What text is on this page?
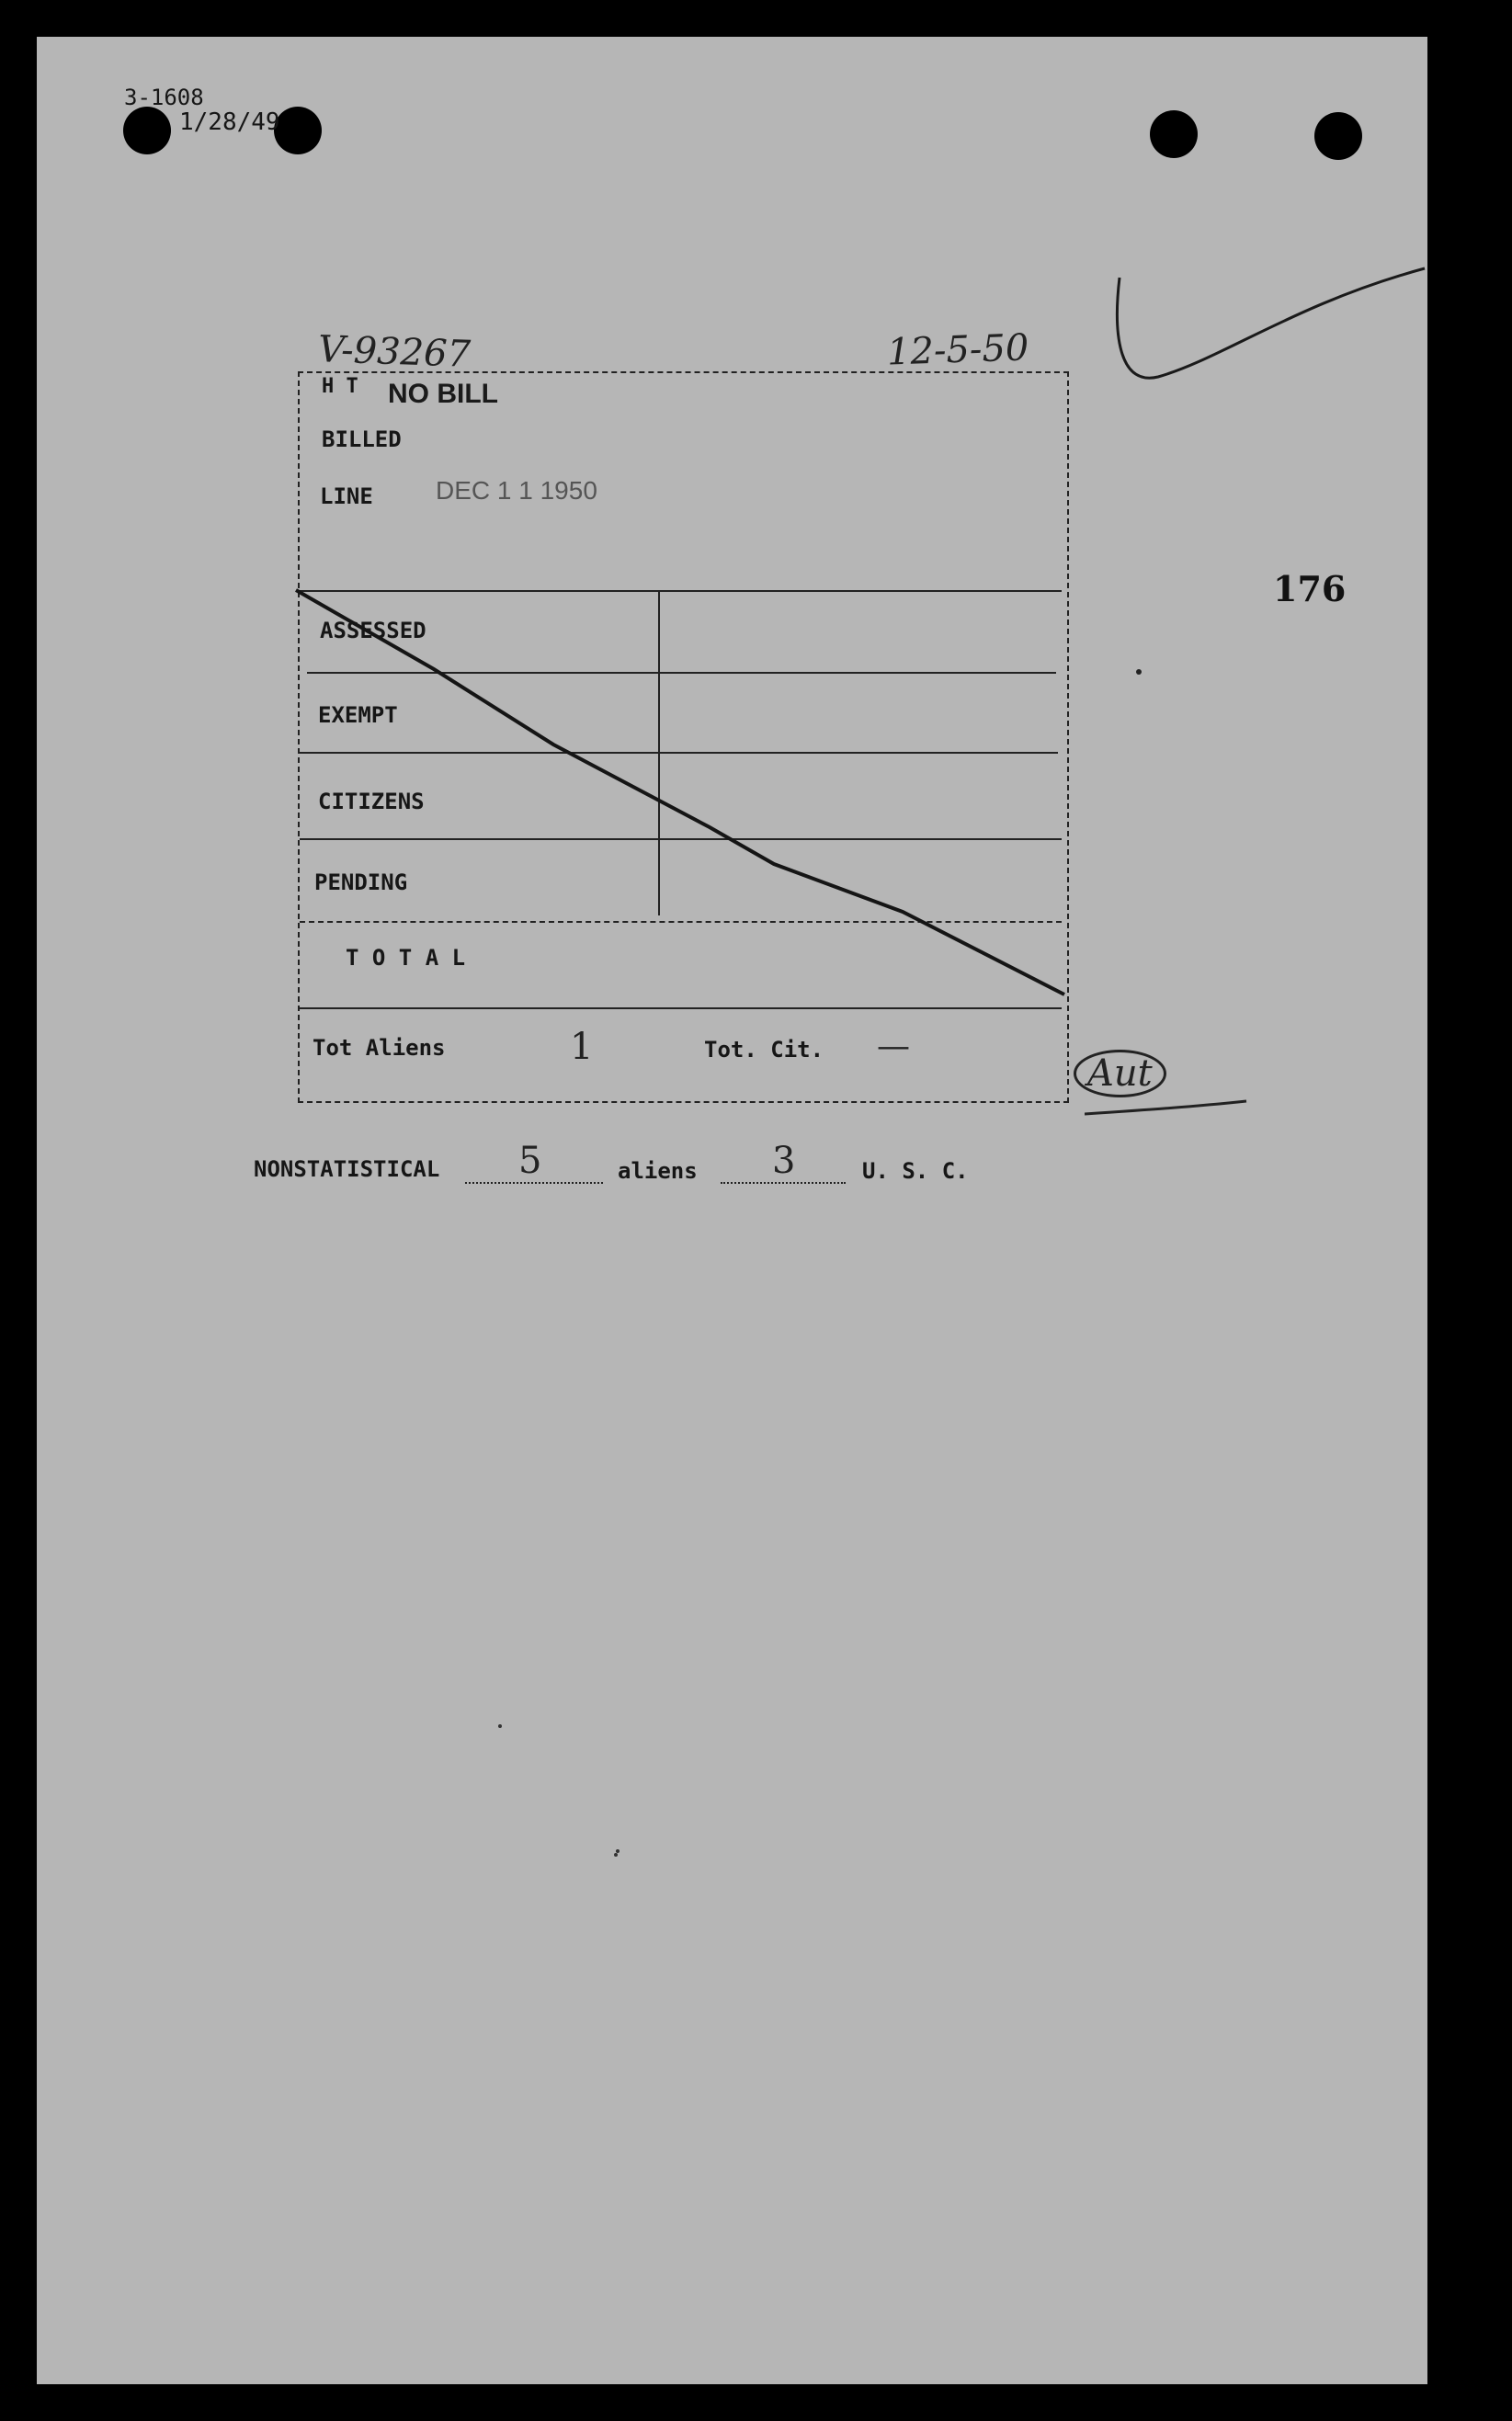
3-1608
1/28/49
176
V-93267	12-5-50
H T NO BILL
BILLED
LINE DEC 1 1 1950
ASSESSED
EXEMPT
CITIZENS
PENDING
T O T A L
Tot Aliens	1	Tot. Cit. —
Aut
NONSTATISTICAL 5	aliens 3	U. S. C.
